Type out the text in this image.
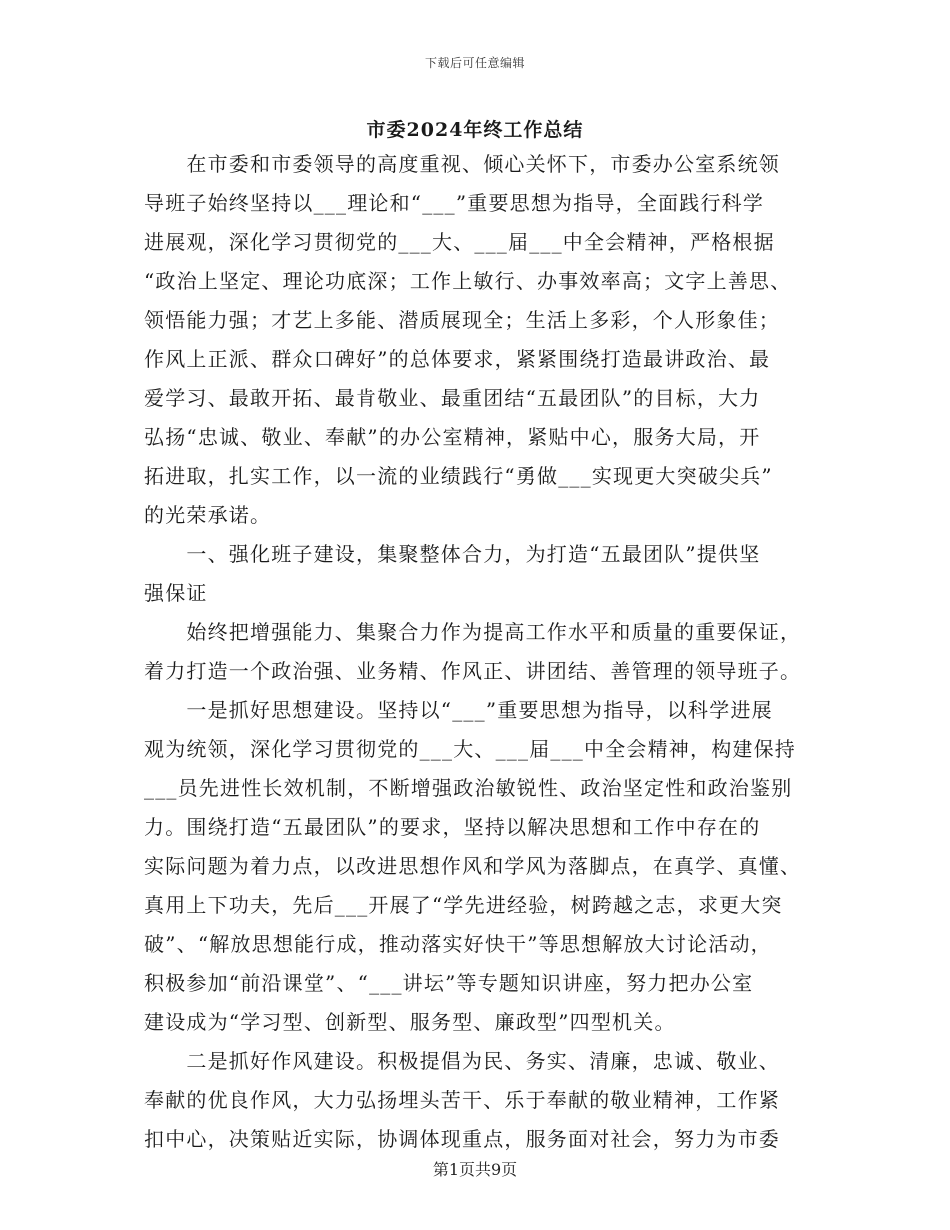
下载后可任意编辑
市委2024年终工作总结
　　在市委和市委领导的高度重视、倾心关怀下，市委办公室系统领
导班子始终坚持以___理论和“___”重要思想为指导，全面践行科学
进展观，深化学习贯彻党的___大、___届___中全会精神，严格根据
“政治上坚定、理论功底深；工作上敏行、办事效率高；文字上善思、
领悟能力强；才艺上多能、潜质展现全；生活上多彩，个人形象佳；
作风上正派、群众口碑好”的总体要求，紧紧围绕打造最讲政治、最
爱学习、最敢开拓、最肯敬业、最重团结“五最团队”的目标，大力
弘扬“忠诚、敬业、奉献”的办公室精神，紧贴中心，服务大局，开
拓进取，扎实工作，以一流的业绩践行“勇做___实现更大突破尖兵”
的光荣承诺。
　　一、强化班子建设，集聚整体合力，为打造“五最团队”提供坚
强保证
　　始终把增强能力、集聚合力作为提高工作水平和质量的重要保证，
着力打造一个政治强、业务精、作风正、讲团结、善管理的领导班子。
　　一是抓好思想建设。坚持以“___”重要思想为指导，以科学进展
观为统领，深化学习贯彻党的___大、___届___中全会精神，构建保持
___员先进性长效机制，不断增强政治敏锐性、政治坚定性和政治鉴别
力。围绕打造“五最团队”的要求，坚持以解决思想和工作中存在的
实际问题为着力点，以改进思想作风和学风为落脚点，在真学、真懂、
真用上下功夫，先后___开展了“学先进经验，树跨越之志，求更大突
破”、“解放思想能行成，推动落实好快干”等思想解放大讨论活动，
积极参加“前沿课堂”、“___讲坛”等专题知识讲座，努力把办公室
建设成为“学习型、创新型、服务型、廉政型”四型机关。
　　二是抓好作风建设。积极提倡为民、务实、清廉，忠诚、敬业、
奉献的优良作风，大力弘扬埋头苦干、乐于奉献的敬业精神，工作紧
扣中心，决策贴近实际，协调体现重点，服务面对社会，努力为市委
第1页共9页
